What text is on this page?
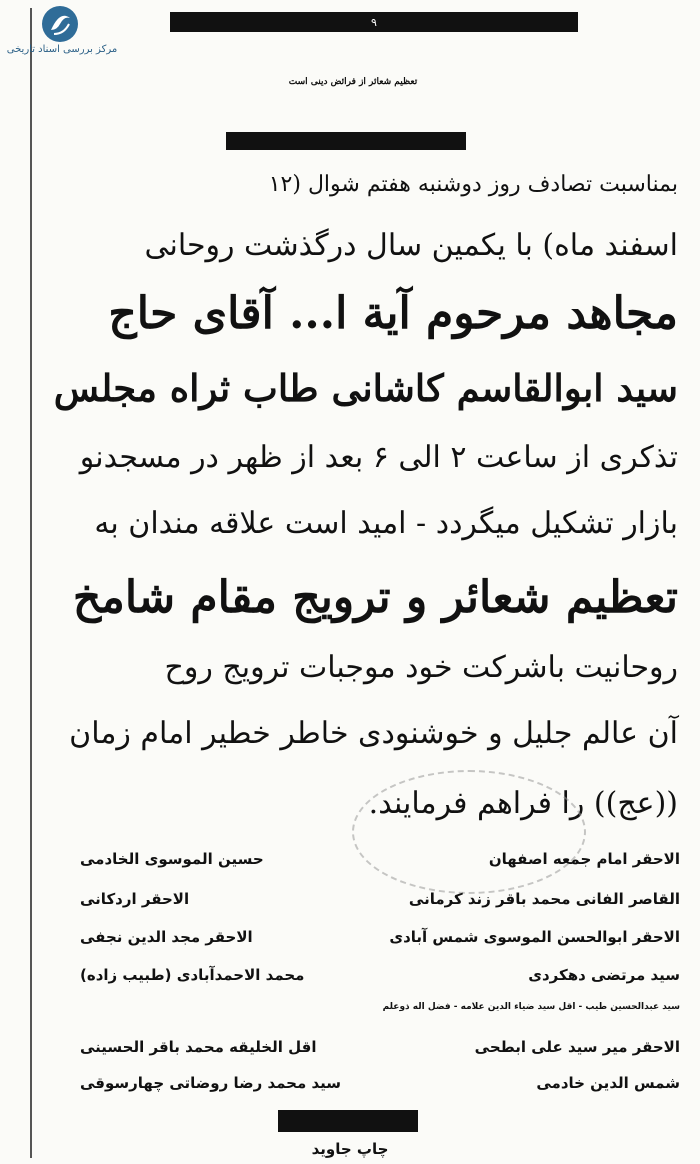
مرکز بررسی اسناد تاریخی
۹
تعظیم شعائر از فرائض دینی است
بمناسبت تصادف روز دوشنبه هفتم شوال (۱۲
اسفند ماه) با یکمین سال درگذشت روحانی
مجاهد مرحوم آیة ا... آقای حاج
سید ابوالقاسم کاشانی طاب ثراه مجلس
تذکری از ساعت ۲ الی ۶ بعد از ظهر در مسجدنو
بازار تشکیل میگردد - امید است علاقه مندان به
تعظیم شعائر و ترویج مقام شامخ
روحانیت باشرکت خود موجبات ترویج روح
آن عالم جلیل و خوشنودی خاطر خطیر امام زمان
((عج)) را فراهم فرمایند.
الاحقر امام جمعه اصفهان
حسین الموسوی الخادمی
القاصر الفانی محمد باقر زند کرمانی
الاحقر اردکانی
الاحقر ابوالحسن الموسوی شمس آبادی
الاحقر مجد الدین نجفی
سید مرتضی دهکردی
محمد الاحمدآبادی (طبیب زاده)
سید عبدالحسین طیب - اقل سید ضیاء الدین علامه - فضل اله ذوعلم
الاحقر میر سید علی ابطحی
اقل الخلیقه محمد باقر الحسینی
شمس الدین خادمی
سید محمد رضا روضاتی چهارسوقی
چاپ جاوید
